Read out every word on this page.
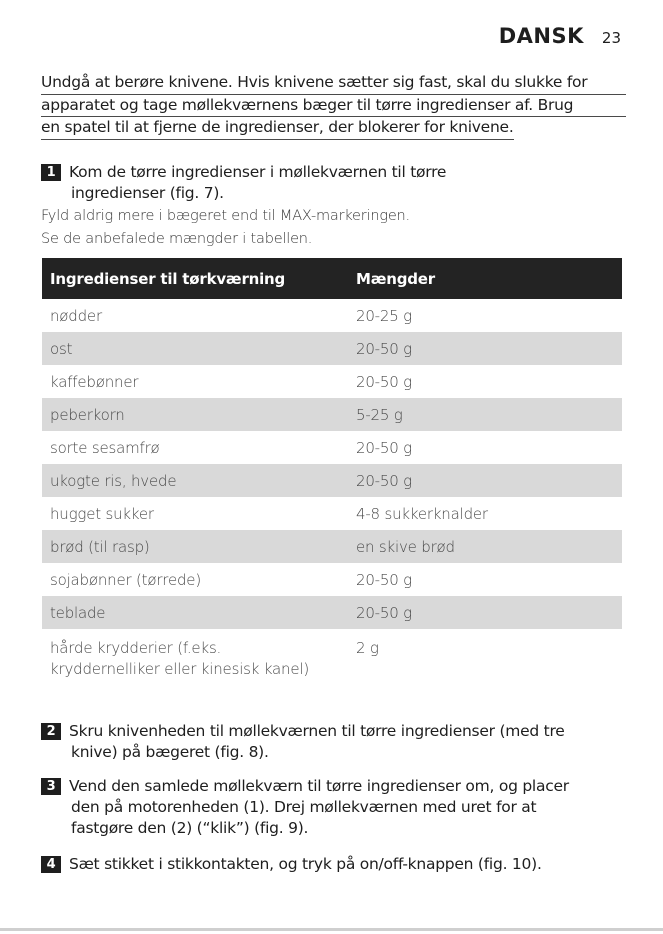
DANSK 23
Undgå at berøre knivene. Hvis knivene sætter sig fast, skal du slukke for
apparatet og tage møllekværnens bæger til tørre ingredienser af. Brug
en spatel til at fjerne de ingredienser, der blokerer for knivene.
1 Kom de tørre ingredienser i møllekværnen til tørre
ingredienser (fig. 7).
Fyld aldrig mere i bægeret end til MAX-markeringen.
Se de anbefalede mængder i tabellen.
Ingredienser til tørkværning	Mængder
nødder	20-25 g
ost	20-50 g
kaffebønner	20-50 g
peberkorn	5-25 g
sorte sesamfrø	20-50 g
ukogte ris, hvede	20-50 g
hugget sukker	4-8 sukkerknalder
brød (til rasp)	en skive brød
sojabønner (tørrede)	20-50 g
teblade	20-50 g
hårde krydderier (f.eks.
kryddernelliker eller kinesisk kanel)	2 g
2 Skru knivenheden til møllekværnen til tørre ingredienser (med tre
knive) på bægeret (fig. 8).
3 Vend den samlede møllekværn til tørre ingredienser om, og placer
den på motorenheden (1). Drej møllekværnen med uret for at
fastgøre den (2) (“klik”) (fig. 9).
4 Sæt stikket i stikkontakten, og tryk på on/off-knappen (fig. 10).
